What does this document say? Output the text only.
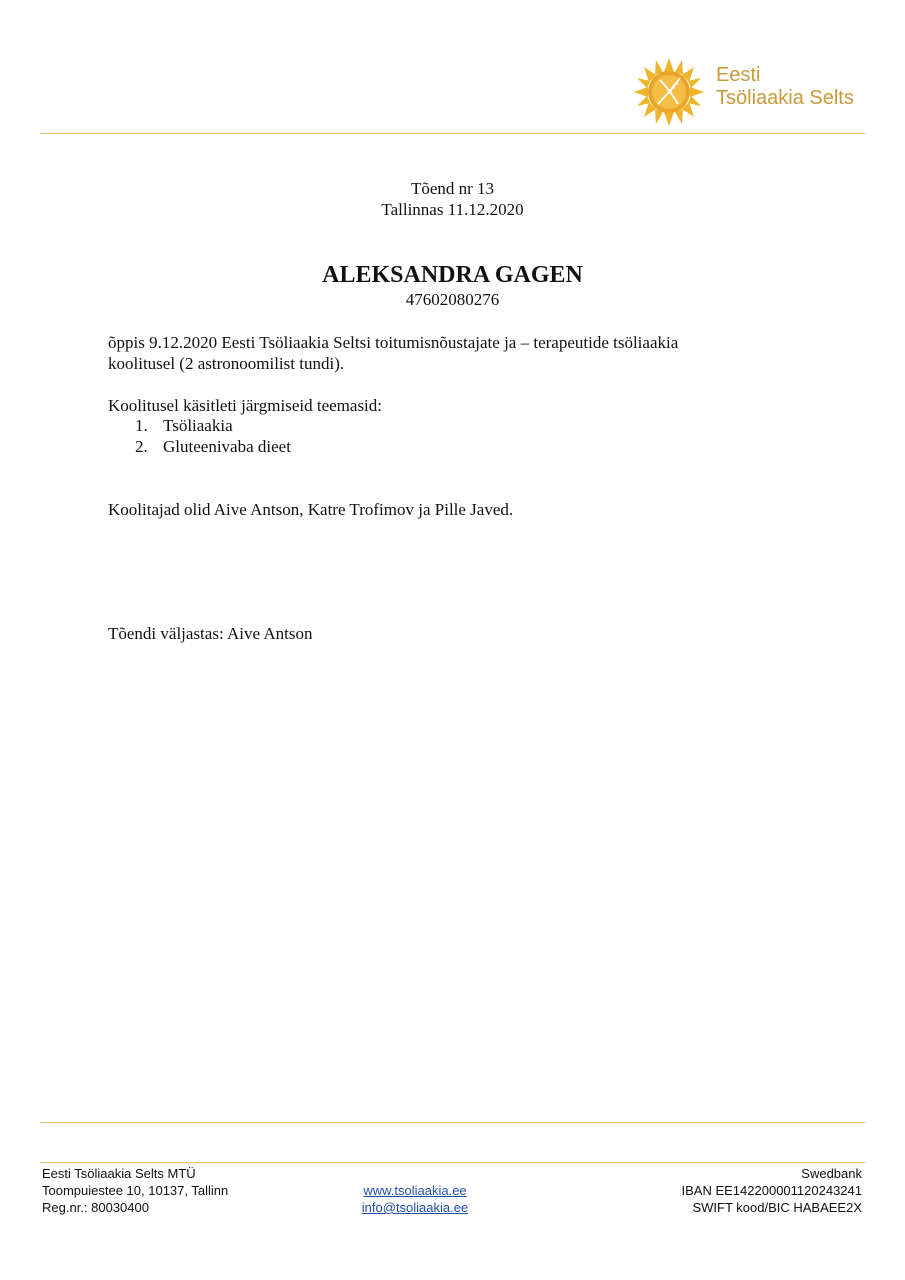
Eesti
Tsöliaakia Selts
Tõend nr 13
Tallinnas 11.12.2020
ALEKSANDRA GAGEN
47602080276
õppis 9.12.2020 Eesti Tsöliaakia Seltsi toitumisnõustajate ja – terapeutide tsöliaakia
koolitusel (2 astronoomilist tundi).
Koolitusel käsitleti järgmiseid teemasid:
1. Tsöliaakia
2. Gluteenivaba dieet
Koolitajad olid Aive Antson, Katre Trofimov ja Pille Javed.
Tõendi väljastas: Aive Antson
Eesti Tsöliaakia Selts MTÜ
Toompuiestee 10, 10137, Tallinn
Reg.nr.: 80030400

www.tsoliaakia.ee
info@tsoliaakia.ee
Swedbank
IBAN EE142200001120243241
SWIFT kood/BIC HABAEE2X
